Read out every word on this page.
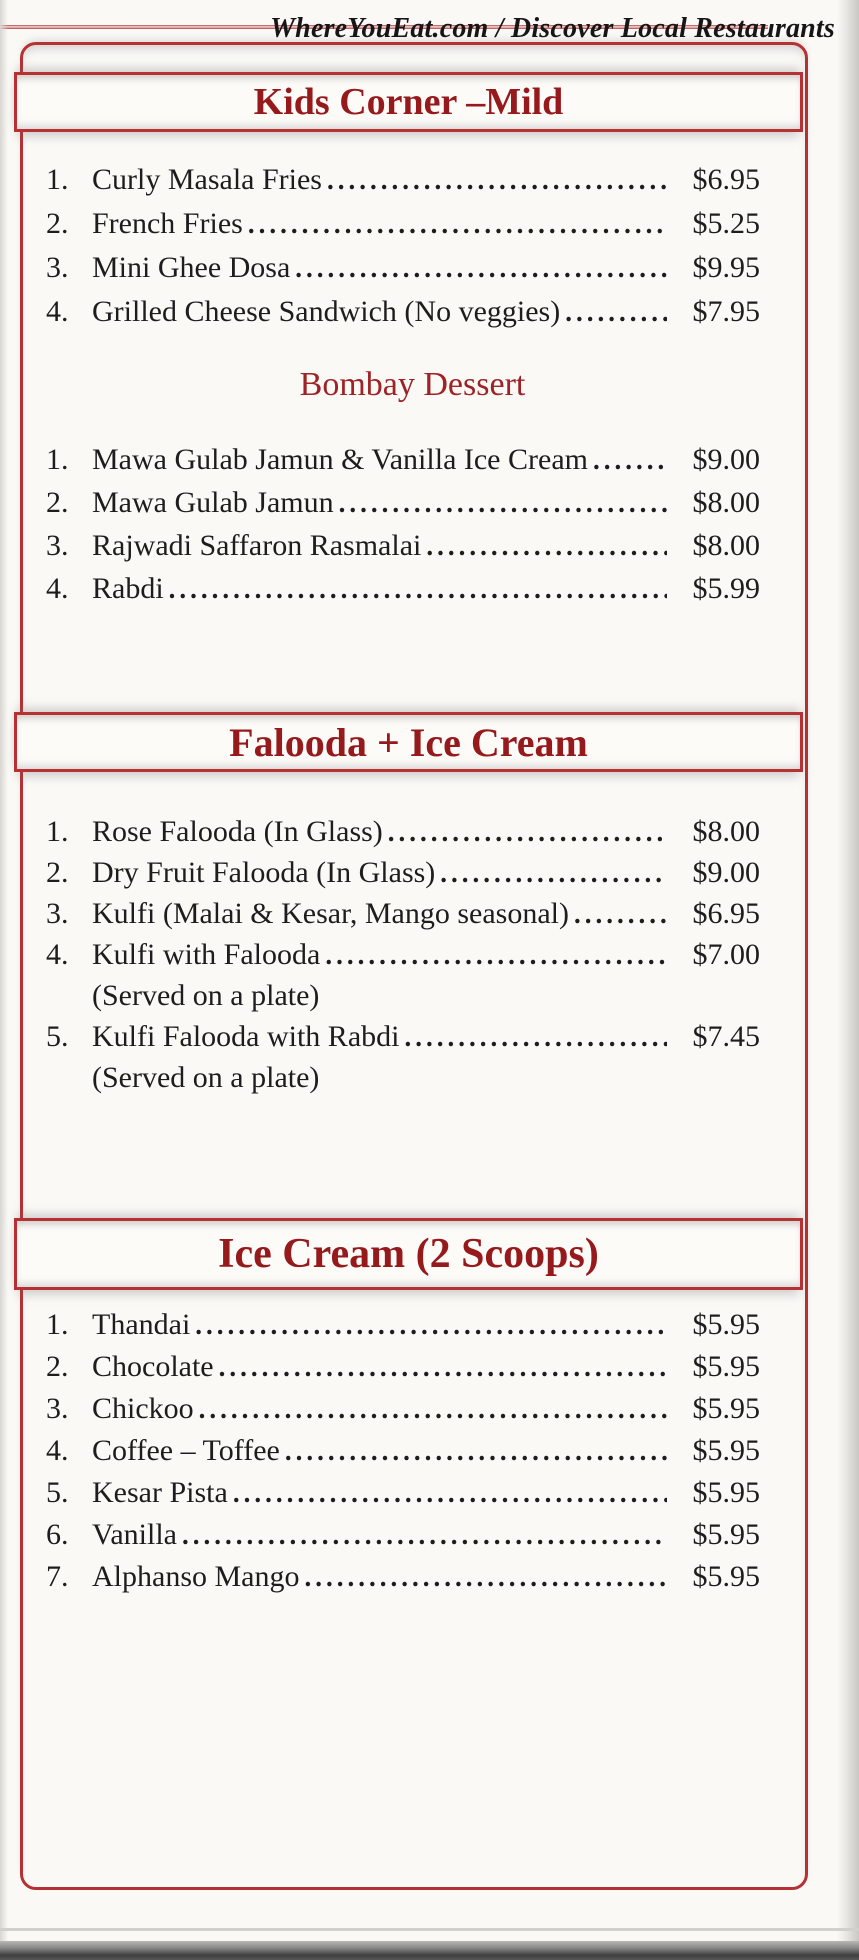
WhereYouEat.com / Discover Local Restaurants
Kids Corner –Mild
1. Curly Masala Fries .....	$6.95
2. French Fries .....	$5.25
3. Mini Ghee Dosa .....	$9.95
4. Grilled Cheese Sandwich (No veggies) .....	$7.95
Bombay Dessert
1. Mawa Gulab Jamun & Vanilla Ice Cream .....	$9.00
2. Mawa Gulab Jamun .....	$8.00
3. Rajwadi Saffaron Rasmalai .....	$8.00
4. Rabdi .....	$5.99
Falooda + Ice Cream
1. Rose Falooda (In Glass) .....	$8.00
2. Dry Fruit Falooda (In Glass) .....	$9.00
3. Kulfi (Malai & Kesar, Mango seasonal) .....	$6.95
4. Kulfi with Falooda .....	$7.00
(Served on a plate)
5. Kulfi Falooda with Rabdi .....	$7.45
(Served on a plate)
Ice Cream (2 Scoops)
1. Thandai .....	$5.95
2. Chocolate .....	$5.95
3. Chickoo .....	$5.95
4. Coffee – Toffee .....	$5.95
5. Kesar Pista .....	$5.95
6. Vanilla .....	$5.95
7. Alphanso Mango .....	$5.95
